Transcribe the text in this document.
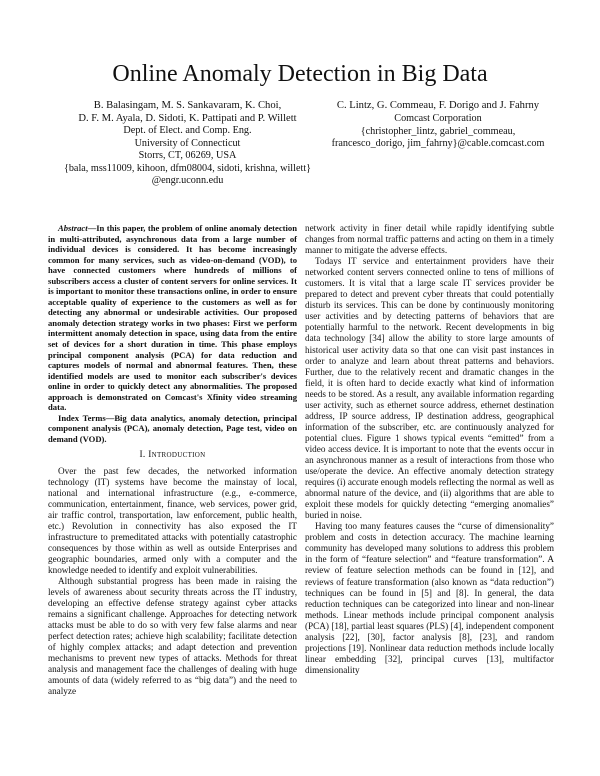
Online Anomaly Detection in Big Data
B. Balasingam, M. S. Sankavaram, K. Choi,
D. F. M. Ayala, D. Sidoti, K. Pattipati and P. Willett
Dept. of Elect. and Comp. Eng.
University of Connecticut
Storrs, CT, 06269, USA
{bala, mss11009, kihoon, dfm08004, sidoti, krishna, willett}
@engr.uconn.edu
C. Lintz, G. Commeau, F. Dorigo and J. Fahrny
Comcast Corporation
{christopher_lintz, gabriel_commeau,
francesco_dorigo, jim_fahrny}@cable.comcast.com
Abstract—In this paper, the problem of online anomaly detection in multi-attributed, asynchronous data from a large number of individual devices is considered. It has become increasingly common for many services, such as video-on-demand (VOD), to have connected customers where hundreds of millions of subscribers access a cluster of content servers for online services. It is important to monitor these transactions online, in order to ensure acceptable quality of experience to the customers as well as for detecting any abnormal or undesirable activities. Our proposed anomaly detection strategy works in two phases: First we perform intermittent anomaly detection in space, using data from the entire set of devices for a short duration in time. This phase employs principal component analysis (PCA) for data reduction and captures models of normal and abnormal features. Then, these identified models are used to monitor each subscriber's devices online in order to quickly detect any abnormalities. The proposed approach is demonstrated on Comcast's Xfinity video streaming data.
Index Terms—Big data analytics, anomaly detection, principal component analysis (PCA), anomaly detection, Page test, video on demand (VOD).
I. Introduction

Over the past few decades, the networked information technology (IT) systems have become the mainstay of local, national and international infrastructure (e.g., e-commerce, communication, entertainment, finance, web services, power grid, air traffic control, transportation, law enforcement, public health, etc.) Revolution in connectivity has also exposed the IT infrastructure to premeditated attacks with potentially catastrophic consequences by those within as well as outside Enterprises and geographic boundaries, armed only with a computer and the knowledge needed to identify and exploit vulnerabilities.

Although substantial progress has been made in raising the levels of awareness about security threats across the IT industry, developing an effective defense strategy against cyber attacks remains a significant challenge. Approaches for detecting network attacks must be able to do so with very few false alarms and near perfect detection rates; achieve high scalability; facilitate detection of highly complex attacks; and adapt detection and prevention mechanisms to prevent new types of attacks. Methods for threat analysis and management face the challenges of dealing with huge amounts of data (widely referred to as “big data”) and the need to analyze

network activity in finer detail while rapidly identifying subtle changes from normal traffic patterns and acting on them in a timely manner to mitigate the adverse effects.

Todays IT service and entertainment providers have their networked content servers connected online to tens of millions of customers. It is vital that a large scale IT services provider be prepared to detect and prevent cyber threats that could potentially disturb its services. This can be done by continuously monitoring user activities and by detecting patterns of behaviors that are potentially harmful to the network. Recent developments in big data technology [34] allow the ability to store large amounts of historical user activity data so that one can visit past instances in order to analyze and learn about threat patterns and behaviors. Further, due to the relatively recent and dramatic changes in the field, it is often hard to decide exactly what kind of information needs to be stored. As a result, any available information regarding user activity, such as ethernet source address, ethernet destination address, IP source address, IP destination address, geographical information of the subscriber, etc. are continuously analyzed for potential clues. Figure 1 shows typical events “emitted” from a video access device. It is important to note that the events occur in an asynchronous manner as a result of interactions from those who use/operate the device. An effective anomaly detection strategy requires (i) accurate enough models reflecting the normal as well as abnormal nature of the device, and (ii) algorithms that are able to exploit these models for quickly detecting “emerging anomalies” buried in noise.

Having too many features causes the “curse of dimensionality” problem and costs in detection accuracy. The machine learning community has developed many solutions to address this problem in the form of “feature selection” and “feature transformation”. A review of feature selection methods can be found in [12], and reviews of feature transformation (also known as “data reduction”) techniques can be found in [5] and [8]. In general, the data reduction techniques can be categorized into linear and non-linear methods. Linear methods include principal component analysis (PCA) [18], partial least squares (PLS) [4], independent component analysis [22], [30], factor analysis [8], [23], and random projections [19]. Nonlinear data reduction methods include locally linear embedding [32], principal curves [13], multifactor dimensionality
